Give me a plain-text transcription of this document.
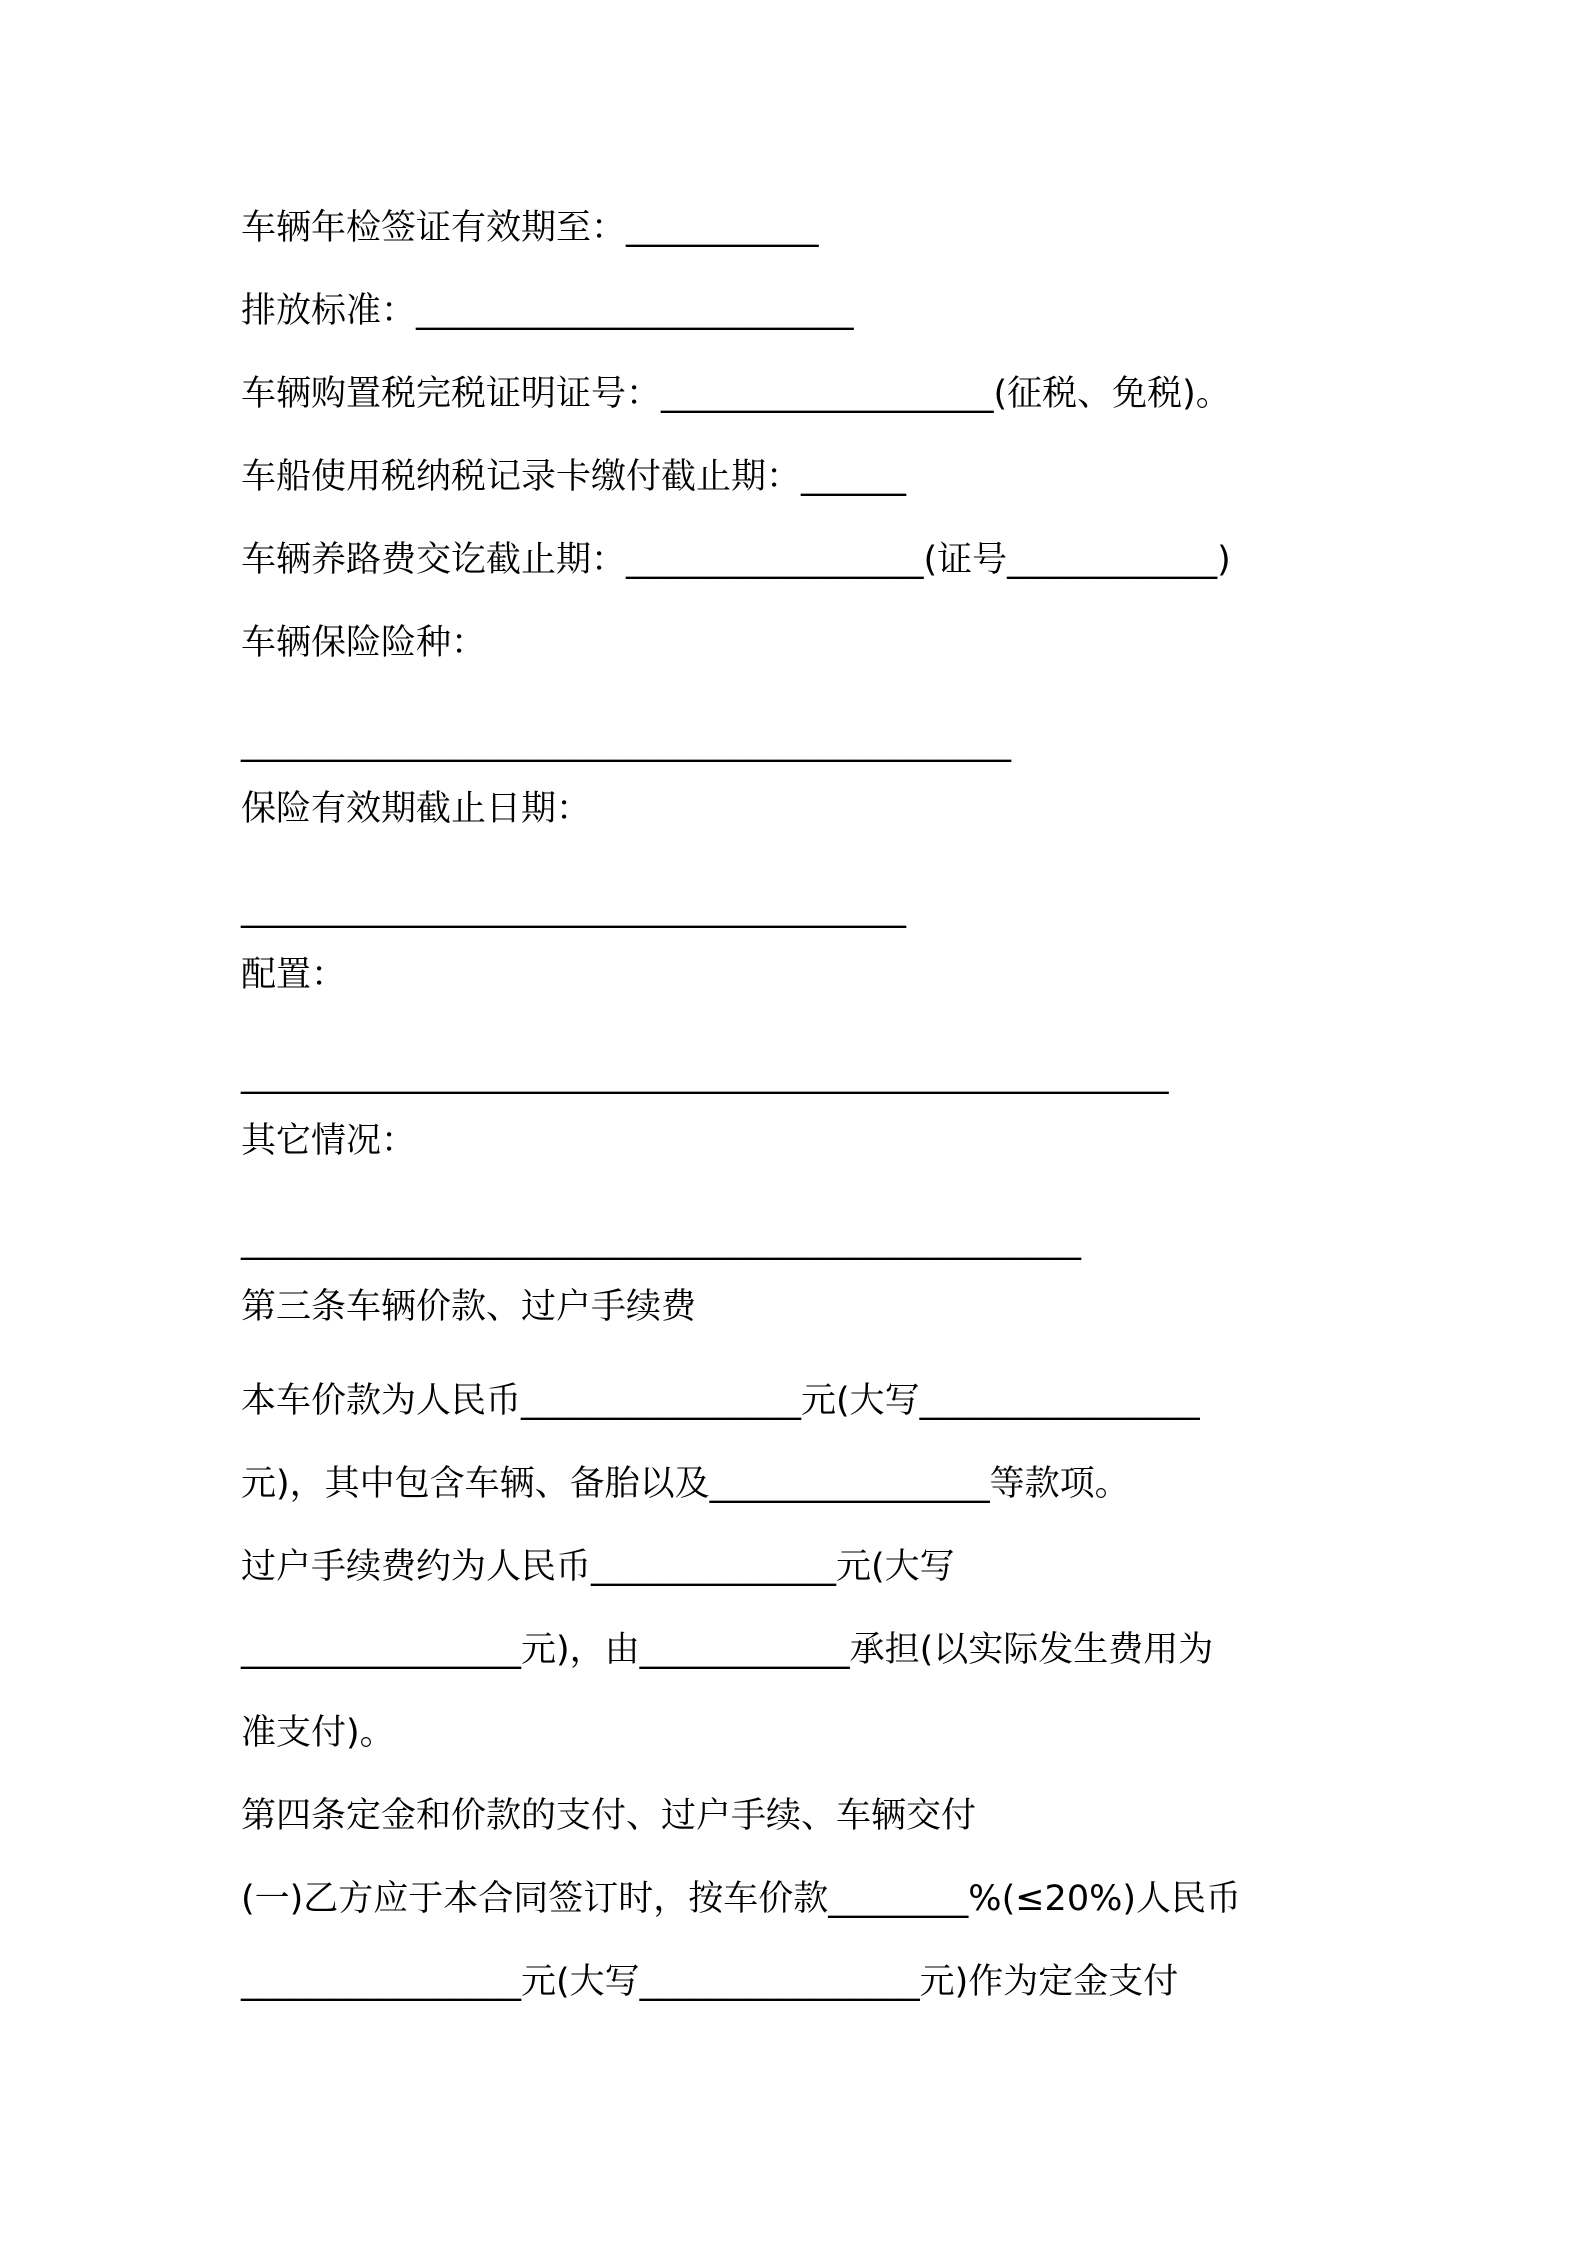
车辆年检签证有效期至：___________
排放标准：_________________________
车辆购置税完税证明证号：___________________(征税、免税)。
车船使用税纳税记录卡缴付截止期：______
车辆养路费交讫截止期：_________________(证号____________)
车辆保险险种：
____________________________________________
保险有效期截止日期：
______________________________________
配置：
_____________________________________________________
其它情况：
________________________________________________
第三条车辆价款、过户手续费
本车价款为人民币________________元(大写________________
元)，其中包含车辆、备胎以及________________等款项。
过户手续费约为人民币______________元(大写
________________元)，由____________承担(以实际发生费用为
准支付)。
第四条定金和价款的支付、过户手续、车辆交付
(一)乙方应于本合同签订时，按车价款________%(≤20%)人民币
________________元(大写________________元)作为定金支付
